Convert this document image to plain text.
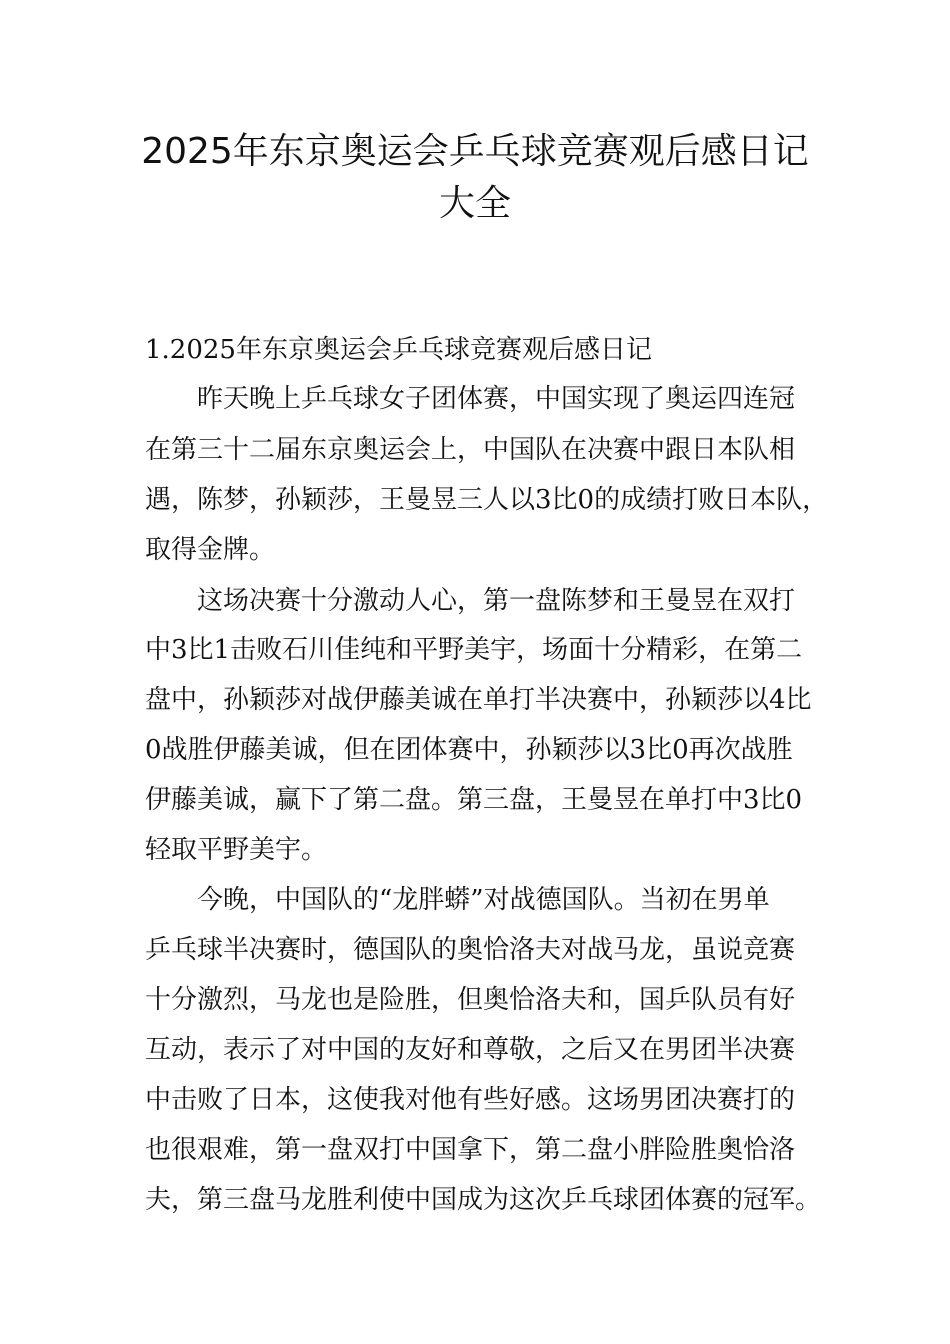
2025年东京奥运会乒乓球竞赛观后感日记
大全
1.2025年东京奥运会乒乓球竞赛观后感日记
昨天晚上乒乓球女子团体赛，中国实现了奥运四连冠
在第三十二届东京奥运会上，中国队在决赛中跟日本队相
遇，陈梦，孙颖莎，王曼昱三人以3比0的成绩打败日本队，
取得金牌。
这场决赛十分激动人心，第一盘陈梦和王曼昱在双打
中3比1击败石川佳纯和平野美宇，场面十分精彩，在第二
盘中，孙颖莎对战伊藤美诚在单打半决赛中，孙颖莎以4比
0战胜伊藤美诚，但在团体赛中，孙颖莎以3比0再次战胜
伊藤美诚，赢下了第二盘。第三盘，王曼昱在单打中3比0
轻取平野美宇。
今晚，中国队的“龙胖蟒”对战德国队。当初在男单
乒乓球半决赛时，德国队的奥恰洛夫对战马龙，虽说竞赛
十分激烈，马龙也是险胜，但奥恰洛夫和，国乒队员有好
互动，表示了对中国的友好和尊敬，之后又在男团半决赛
中击败了日本，这使我对他有些好感。这场男团决赛打的
也很艰难，第一盘双打中国拿下，第二盘小胖险胜奥恰洛
夫，第三盘马龙胜利使中国成为这次乒乓球团体赛的冠军。
